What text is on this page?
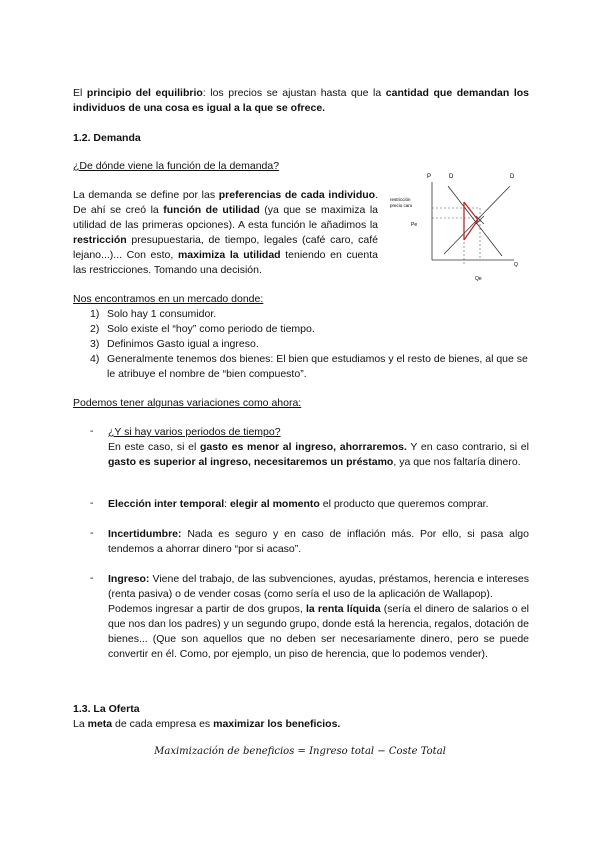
El principio del equilibrio: los precios se ajustan hasta que la cantidad que demandan los individuos de una cosa es igual a la que se ofrece.
1.2. Demanda
¿De dónde viene la función de la demanda?
La demanda se define por las preferencias de cada individuo. De ahí se creó la función de utilidad (ya que se maximiza la utilidad de las primeras opciones). A esta función le añadimos la restricción presupuestaria, de tiempo, legales (café caro, café lejano...)... Con esto, maximiza la utilidad teniendo en cuenta las restricciones. Tomando una decisión.
P	D	D
restricción
precio caro
Pe
Qe
Q
Nos encontramos en un mercado donde:
1) Solo hay 1 consumidor.
2) Solo existe el “hoy” como periodo de tiempo.
3) Definimos Gasto igual a ingreso.
4) Generalmente tenemos dos bienes: El bien que estudiamos y el resto de bienes, al que se le atribuye el nombre de “bien compuesto”.
Podemos tener algunas variaciones como ahora:
- ¿Y si hay varios periodos de tiempo?
En este caso, si el gasto es menor al ingreso, ahorraremos. Y en caso contrario, si el gasto es superior al ingreso, necesitaremos un préstamo, ya que nos faltaría dinero.
- Elección inter temporal: elegir al momento el producto que queremos comprar.
- Incertidumbre: Nada es seguro y en caso de inflación más. Por ello, si pasa algo tendemos a ahorrar dinero “por si acaso”.
- Ingreso: Viene del trabajo, de las subvenciones, ayudas, préstamos, herencia e intereses (renta pasiva) o de vender cosas (como sería el uso de la aplicación de Wallapop).
Podemos ingresar a partir de dos grupos, la renta líquida (sería el dinero de salarios o el que nos dan los padres) y un segundo grupo, donde está la herencia, regalos, dotación de bienes... (Que son aquellos que no deben ser necesariamente dinero, pero se puede convertir en él. Como, por ejemplo, un piso de herencia, que lo podemos vender).
1.3. La Oferta
La meta de cada empresa es maximizar los beneficios.
Maximización de beneficios = Ingreso total − Coste Total
